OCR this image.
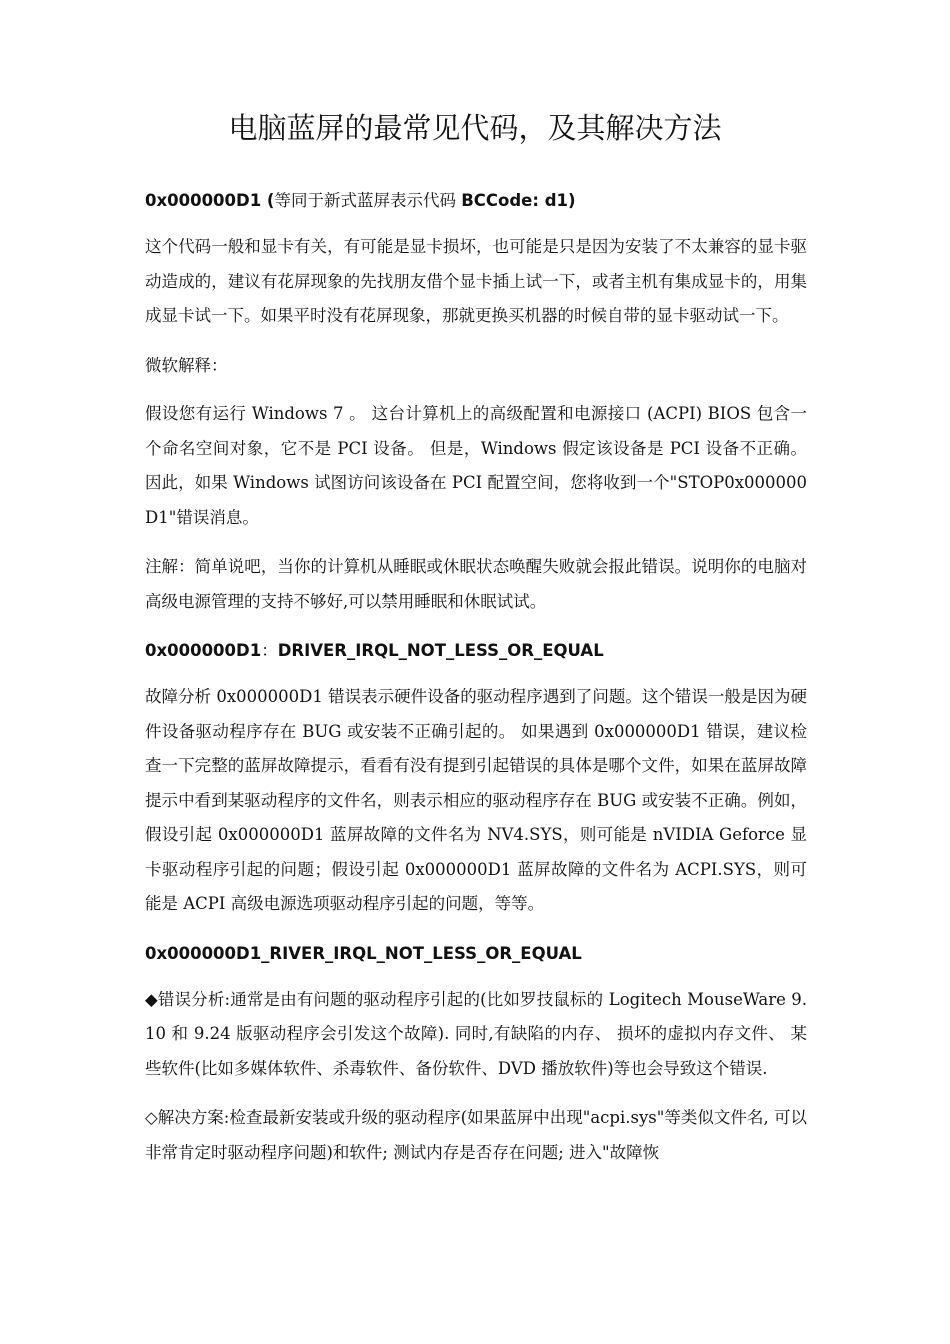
电脑蓝屏的最常见代码，及其解决方法
0x000000D1 (等同于新式蓝屏表示代码 BCCode: d1)

这个代码一般和显卡有关，有可能是显卡损坏，也可能是只是因为安装了不太兼容的显卡驱动造成的，建议有花屏现象的先找朋友借个显卡插上试一下，或者主机有集成显卡的，用集成显卡试一下。如果平时没有花屏现象，那就更换买机器的时候自带的显卡驱动试一下。

微软解释：

假设您有运行 Windows 7 。 这台计算机上的高级配置和电源接口 (ACPI) BIOS 包含一个命名空间对象，它不是 PCI 设备。 但是，Windows 假定该设备是 PCI 设备不正确。 因此，如果 Windows 试图访问该设备在 PCI 配置空间，您将收到一个"STOP0x000000D1"错误消息。

注解：简单说吧，当你的计算机从睡眠或休眠状态唤醒失败就会报此错误。说明你的电脑对高级电源管理的支持不够好,可以禁用睡眠和休眠试试。

0x000000D1：DRIVER_IRQL_NOT_LESS_OR_EQUAL

故障分析 0x000000D1 错误表示硬件设备的驱动程序遇到了问题。这个错误一般是因为硬件设备驱动程序存在 BUG 或安装不正确引起的。 如果遇到 0x000000D1 错误，建议检查一下完整的蓝屏故障提示，看看有没有提到引起错误的具体是哪个文件，如果在蓝屏故障提示中看到某驱动程序的文件名，则表示相应的驱动程序存在 BUG 或安装不正确。例如，假设引起 0x000000D1 蓝屏故障的文件名为 NV4.SYS，则可能是 nVIDIA Geforce 显卡驱动程序引起的问题；假设引起 0x000000D1 蓝屏故障的文件名为 ACPI.SYS，则可能是 ACPI 高级电源选项驱动程序引起的问题，等等。

0x000000D1_RIVER_IRQL_NOT_LESS_OR_EQUAL

◆错误分析:通常是由有问题的驱动程序引起的(比如罗技鼠标的 Logitech MouseWare 9.10 和 9.24 版驱动程序会引发这个故障). 同时,有缺陷的内存、 损坏的虚拟内存文件、 某些软件(比如多媒体软件、杀毒软件、备份软件、DVD 播放软件)等也会导致这个错误.

◇解决方案:检查最新安装或升级的驱动程序(如果蓝屏中出现"acpi.sys"等类似文件名, 可以非常肯定时驱动程序问题)和软件; 测试内存是否存在问题; 进入"故障恢
